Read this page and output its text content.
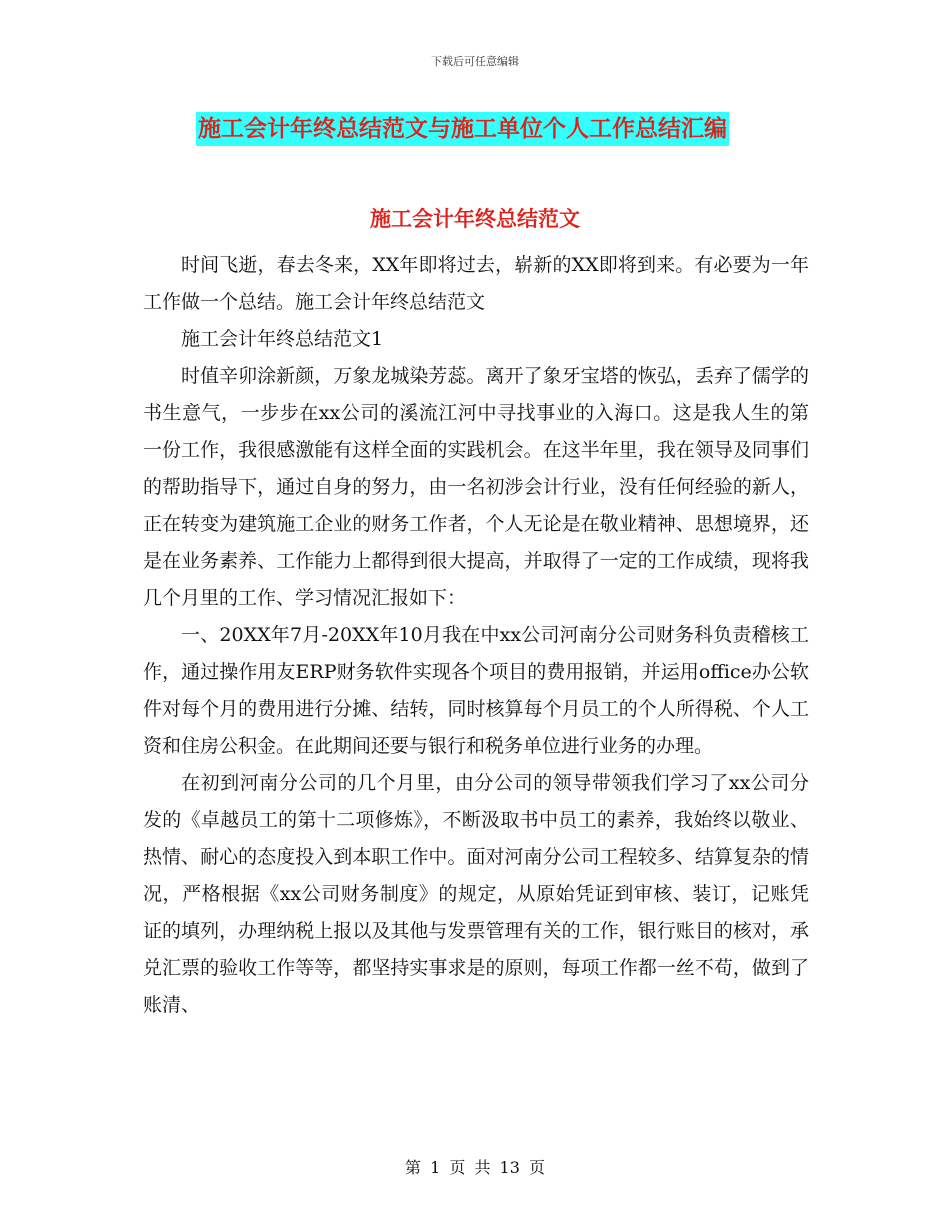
下载后可任意编辑
施工会计年终总结范文与施工单位个人工作总结汇编
施工会计年终总结范文

时间飞逝，春去冬来，XX年即将过去，崭新的XX即将到来。有必要为一年工作做一个总结。施工会计年终总结范文

施工会计年终总结范文1

时值辛卯涂新颜，万象龙城染芳蕊。离开了象牙宝塔的恢弘，丢弃了儒学的书生意气，一步步在xx公司的溪流江河中寻找事业的入海口。这是我人生的第一份工作，我很感激能有这样全面的实践机会。在这半年里，我在领导及同事们的帮助指导下，通过自身的努力，由一名初涉会计行业，没有任何经验的新人，正在转变为建筑施工企业的财务工作者，个人无论是在敬业精神、思想境界，还是在业务素养、工作能力上都得到很大提高，并取得了一定的工作成绩，现将我几个月里的工作、学习情况汇报如下：

一、20XX年7月-20XX年10月我在中xx公司河南分公司财务科负责稽核工作，通过操作用友ERP财务软件实现各个项目的费用报销，并运用office办公软件对每个月的费用进行分摊、结转，同时核算每个月员工的个人所得税、个人工资和住房公积金。在此期间还要与银行和税务单位进行业务的办理。

在初到河南分公司的几个月里，由分公司的领导带领我们学习了xx公司分发的《卓越员工的第十二项修炼》，不断汲取书中员工的素养，我始终以敬业、热情、耐心的态度投入到本职工作中。面对河南分公司工程较多、结算复杂的情况，严格根据《xx公司财务制度》的规定，从原始凭证到审核、装订，记账凭证的填列，办理纳税上报以及其他与发票管理有关的工作，银行账目的核对，承兑汇票的验收工作等等，都坚持实事求是的原则，每项工作都一丝不苟，做到了账清、

第 1 页 共 13 页
